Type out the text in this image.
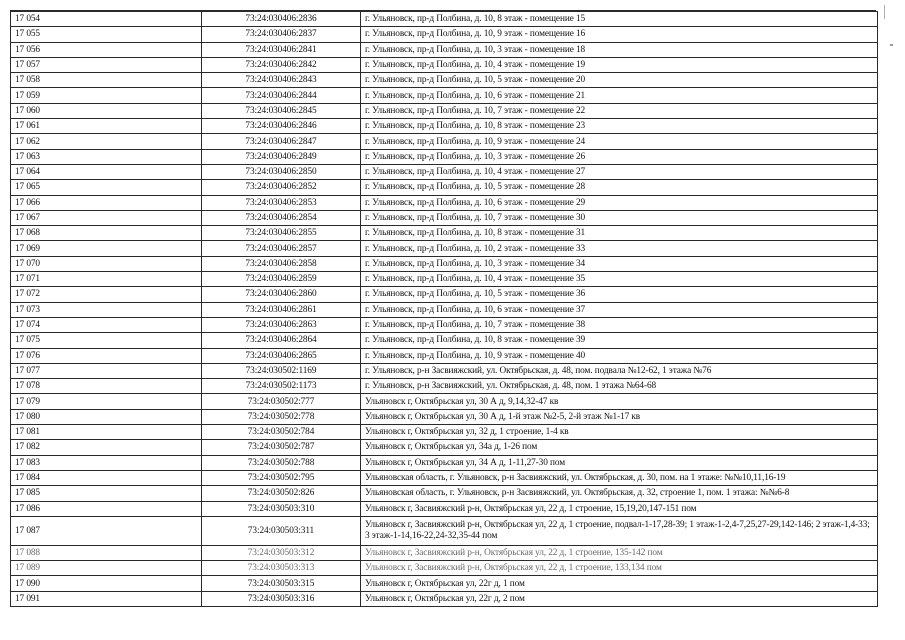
17 054	73:24:030406:2836	г. Ульяновск, пр-д Полбина, д. 10, 8 этаж - помещение 15
17 055	73:24:030406:2837	г. Ульяновск, пр-д Полбина, д. 10, 9 этаж - помещение 16
17 056	73:24:030406:2841	г. Ульяновск, пр-д Полбина, д. 10, 3 этаж - помещение 18
17 057	73:24:030406:2842	г. Ульяновск, пр-д Полбина, д. 10, 4 этаж - помещение 19
17 058	73:24:030406:2843	г. Ульяновск, пр-д Полбина, д. 10, 5 этаж - помещение 20
17 059	73:24:030406:2844	г. Ульяновск, пр-д Полбина, д. 10, 6 этаж - помещение 21
17 060	73:24:030406:2845	г. Ульяновск, пр-д Полбина, д. 10, 7 этаж - помещение 22
17 061	73:24:030406:2846	г. Ульяновск, пр-д Полбина, д. 10, 8 этаж - помещение 23
17 062	73:24:030406:2847	г. Ульяновск, пр-д Полбина, д. 10, 9 этаж - помещение 24
17 063	73:24:030406:2849	г. Ульяновск, пр-д Полбина, д. 10, 3 этаж - помещение 26
17 064	73:24:030406:2850	г. Ульяновск, пр-д Полбина, д. 10, 4 этаж - помещение 27
17 065	73:24:030406:2852	г. Ульяновск, пр-д Полбина, д. 10, 5 этаж - помещение 28
17 066	73:24:030406:2853	г. Ульяновск, пр-д Полбина, д. 10, 6 этаж - помещение 29
17 067	73:24:030406:2854	г. Ульяновск, пр-д Полбина, д. 10, 7 этаж - помещение 30
17 068	73:24:030406:2855	г. Ульяновск, пр-д Полбина, д. 10, 8 этаж - помещение 31
17 069	73:24:030406:2857	г. Ульяновск, пр-д Полбина, д. 10, 2 этаж - помещение 33
17 070	73:24:030406:2858	г. Ульяновск, пр-д Полбина, д. 10, 3 этаж - помещение 34
17 071	73:24:030406:2859	г. Ульяновск, пр-д Полбина, д. 10, 4 этаж - помещение 35
17 072	73:24:030406:2860	г. Ульяновск, пр-д Полбина, д. 10, 5 этаж - помещение 36
17 073	73:24:030406:2861	г. Ульяновск, пр-д Полбина, д. 10, 6 этаж - помещение 37
17 074	73:24:030406:2863	г. Ульяновск, пр-д Полбина, д. 10, 7 этаж - помещение 38
17 075	73:24:030406:2864	г. Ульяновск, пр-д Полбина, д. 10, 8 этаж - помещение 39
17 076	73:24:030406:2865	г. Ульяновск, пр-д Полбина, д. 10, 9 этаж - помещение 40
17 077	73:24:030502:1169	г. Ульяновск, р-н Засвияжский, ул. Октябрьская, д. 48, пом. подвала №12-62, 1 этажа №76
17 078	73:24:030502:1173	г. Ульяновск, р-н Засвияжский, ул. Октябрьская, д. 48, пом. 1 этажа №64-68
17 079	73:24:030502:777	Ульяновск г, Октябрьская ул, 30 А д, 9,14,32-47 кв
17 080	73:24:030502:778	Ульяновск г, Октябрьская ул, 30 А д, 1-й этаж №2-5, 2-й этаж №1-17 кв
17 081	73:24:030502:784	Ульяновск г, Октябрьская ул, 32 д, 1 строение, 1-4 кв
17 082	73:24:030502:787	Ульяновск г, Октябрьская ул, 34а д, 1-26 пом
17 083	73:24:030502:788	Ульяновск г, Октябрьская ул, 34 А д, 1-11,27-30 пом
17 084	73:24:030502:795	Ульяновская область, г. Ульяновск, р-н Засвияжский, ул. Октябрьская, д. 30, пом. на 1 этаже: №№10,11,16-19
17 085	73:24:030502:826	Ульяновская область, г. Ульяновск, р-н Засвияжский, ул. Октябрьская, д. 32, строение 1, пом. 1 этажа: №№6-8
17 086	73:24:030503:310	Ульяновск г, Засвияжский р-н, Октябрьская ул, 22 д, 1 строение, 15,19,20,147-151 пом
17 087	73:24:030503:311	Ульяновск г, Засвияжский р-н, Октябрьская ул, 22 д, 1 строение, подвал-1-17,28-39; 1 этаж-1-2,4-7,25,27-29,142-146; 2 этаж-1,4-33; 3 этаж-1-14,16-22,24-32,35-44 пом
17 088	73:24:030503:312	Ульяновск г, Засвияжский р-н, Октябрьская ул, 22 д, 1 строение, 135-142 пом
17 089	73:24:030503:313	Ульяновск г, Засвияжский р-н, Октябрьская ул, 22 д, 1 строение, 133,134 пом
17 090	73:24:030503:315	Ульяновск г, Октябрьская ул, 22г д, 1 пом
17 091	73:24:030503:316	Ульяновск г, Октябрьская ул, 22г д, 2 пом
